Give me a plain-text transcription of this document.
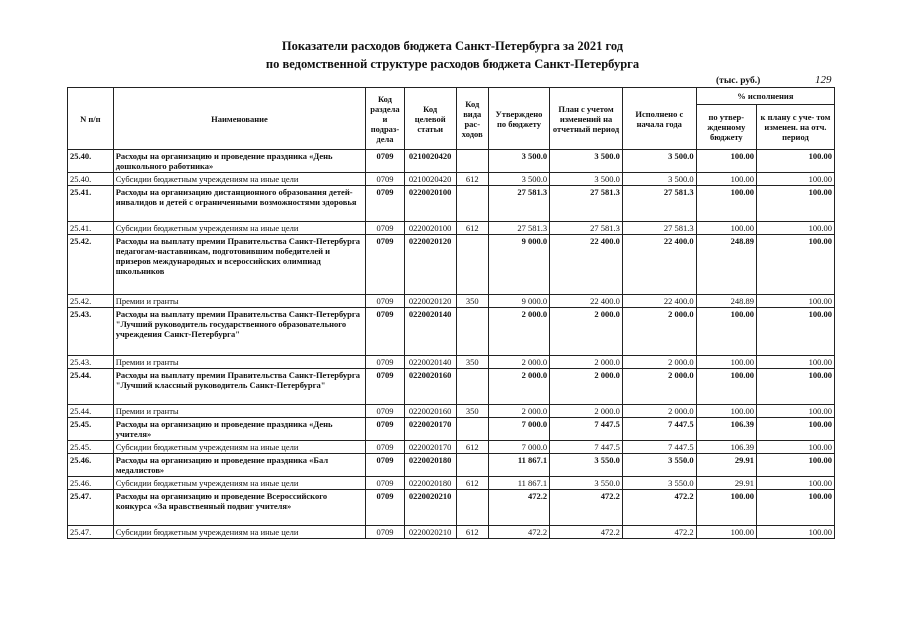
Показатели расходов бюджета Санкт-Петербурга за 2021 год
по ведомственной структуре расходов бюджета Санкт-Петербурга
(тыс. руб.)	129
N п/п	Наименование	Код раздела и подраз- дела	Код целевой статьи	Код вида рас- ходов	Утверждено по бюджету	План с учетом изменений на отчетный период	Исполнено с начала года	% исполнения	
								по утвер- жденному бюджету	к плану с уче- том изменен. на отч. период
25.40.	Расходы на организацию и проведение праздника «День дошкольного работника»	0709	0210020420		3 500.0	3 500.0	3 500.0	100.00	100.00
25.40.	Субсидии бюджетным учреждениям на иные цели	0709	0210020420	612	3 500.0	3 500.0	3 500.0	100.00	100.00
25.41.	Расходы на организацию дистанционного образования детей-инвалидов и детей с ограниченными возможностями здоровья	0709	0220020100		27 581.3	27 581.3	27 581.3	100.00	100.00
25.41.	Субсидии бюджетным учреждениям на иные цели	0709	0220020100	612	27 581.3	27 581.3	27 581.3	100.00	100.00
25.42.	Расходы на выплату премии Правительства Санкт-Петербурга педагогам-наставникам, подготовившим победителей и призеров международных и всероссийских олимпиад школьников	0709	0220020120		9 000.0	22 400.0	22 400.0	248.89	100.00
25.42.	Премии и гранты	0709	0220020120	350	9 000.0	22 400.0	22 400.0	248.89	100.00
25.43.	Расходы на выплату премии Правительства Санкт-Петербурга "Лучший руководитель государственного образовательного учреждения Санкт-Петербурга"	0709	0220020140		2 000.0	2 000.0	2 000.0	100.00	100.00
25.43.	Премии и гранты	0709	0220020140	350	2 000.0	2 000.0	2 000.0	100.00	100.00
25.44.	Расходы на выплату премии Правительства Санкт-Петербурга "Лучший классный руководитель Санкт-Петербурга"	0709	0220020160		2 000.0	2 000.0	2 000.0	100.00	100.00
25.44.	Премии и гранты	0709	0220020160	350	2 000.0	2 000.0	2 000.0	100.00	100.00
25.45.	Расходы на организацию и проведение праздника «День учителя»	0709	0220020170		7 000.0	7 447.5	7 447.5	106.39	100.00
25.45.	Субсидии бюджетным учреждениям на иные цели	0709	0220020170	612	7 000.0	7 447.5	7 447.5	106.39	100.00
25.46.	Расходы на организацию и проведение праздника «Бал медалистов»	0709	0220020180		11 867.1	3 550.0	3 550.0	29.91	100.00
25.46.	Субсидии бюджетным учреждениям на иные цели	0709	0220020180	612	11 867.1	3 550.0	3 550.0	29.91	100.00
25.47.	Расходы на организацию и проведение Всероссийского конкурса «За нравственный подвиг учителя»	0709	0220020210		472.2	472.2	472.2	100.00	100.00
25.47.	Субсидии бюджетным учреждениям на иные цели	0709	0220020210	612	472.2	472.2	472.2	100.00	100.00
